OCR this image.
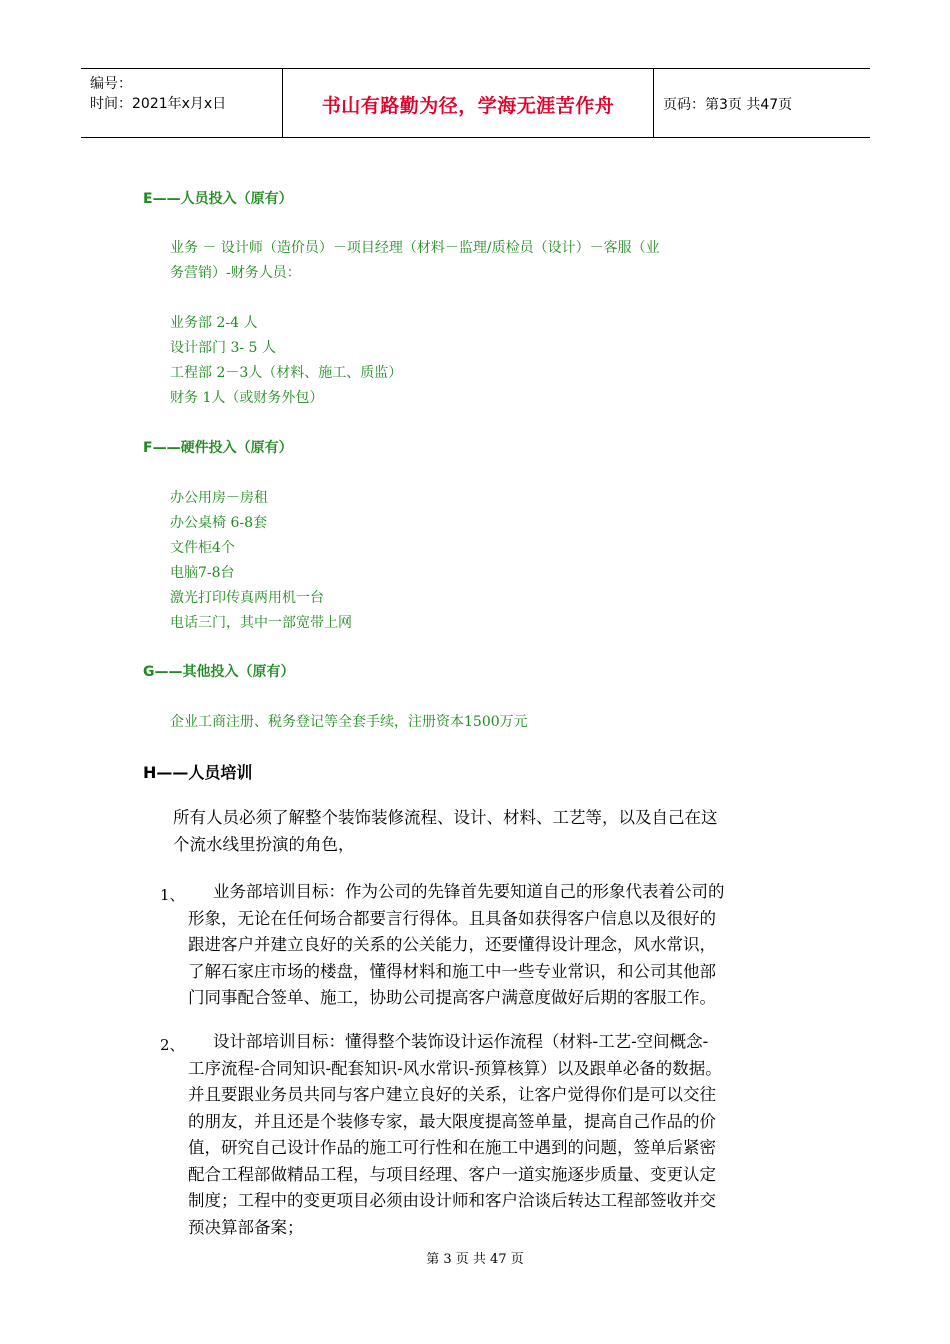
编号：
时间：2021年x月x日	书山有路勤为径，学海无涯苦作舟	页码：第3页 共47页
E——人员投入（原有）
业务 － 设计师（造价员）－项目经理（材料－监理/质检员（设计）－客服（业
务营销）-财务人员：
业务部 2-4 人
设计部门 3- 5 人
工程部 2－3人（材料、施工、质监）
财务 1人（或财务外包）
F——硬件投入（原有）
办公用房－房租
办公桌椅 6-8套
文件柜4个
电脑7-8台
激光打印传真两用机一台
电话三门，其中一部宽带上网
G——其他投入（原有）
企业工商注册、税务登记等全套手续，注册资本1500万元
H——人员培训
所有人员必须了解整个装饰装修流程、设计、材料、工艺等，以及自己在这
个流水线里扮演的角色，
1、	业务部培训目标：作为公司的先锋首先要知道自己的形象代表着公司的
形象，无论在任何场合都要言行得体。且具备如获得客户信息以及很好的
跟进客户并建立良好的关系的公关能力，还要懂得设计理念，风水常识，
了解石家庄市场的楼盘，懂得材料和施工中一些专业常识，和公司其他部
门同事配合签单、施工，协助公司提高客户满意度做好后期的客服工作。
2、	设计部培训目标：懂得整个装饰设计运作流程（材料-工艺-空间概念-
工序流程-合同知识-配套知识-风水常识-预算核算）以及跟单必备的数据。
并且要跟业务员共同与客户建立良好的关系，让客户觉得你们是可以交往
的朋友，并且还是个装修专家，最大限度提高签单量，提高自己作品的价
值，研究自己设计作品的施工可行性和在施工中遇到的问题，签单后紧密
配合工程部做精品工程，与项目经理、客户一道实施逐步质量、变更认定
制度；工程中的变更项目必须由设计师和客户洽谈后转达工程部签收并交
预决算部备案；
第 3 页 共 47 页
